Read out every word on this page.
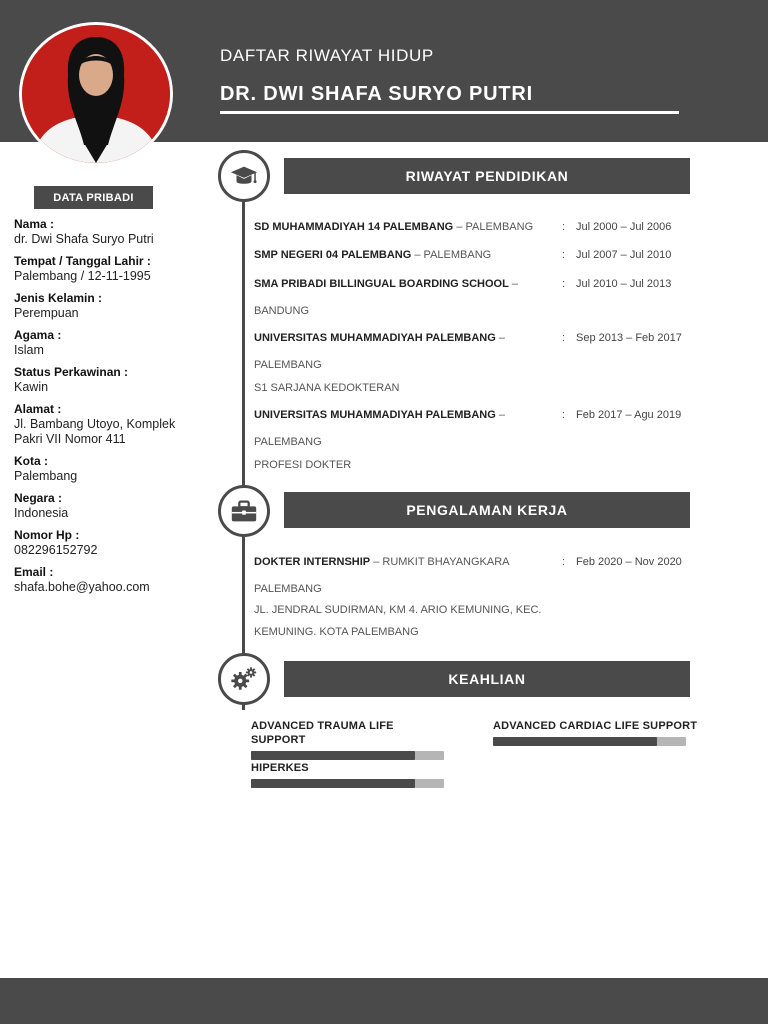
DAFTAR RIWAYAT HIDUP
DR. DWI SHAFA SURYO PUTRI
DATA PRIBADI
Nama :
dr. Dwi Shafa Suryo Putri
Tempat / Tanggal Lahir :
Palembang / 12-11-1995
Jenis Kelamin :
Perempuan
Agama :
Islam
Status Perkawinan :
Kawin
Alamat :
Jl. Bambang Utoyo, Komplek Pakri VII Nomor 411
Kota :
Palembang
Negara :
Indonesia
Nomor Hp :
082296152792
Email :
shafa.bohe@yahoo.com
RIWAYAT PENDIDIKAN
SD MUHAMMADIYAH 14 PALEMBANG – PALEMBANG	: Jul 2000 – Jul 2006
SMP NEGERI 04 PALEMBANG – PALEMBANG	: Jul 2007 – Jul 2010
SMA PRIBADI BILLINGUAL BOARDING SCHOOL –	: Jul 2010 – Jul 2013
BANDUNG
UNIVERSITAS MUHAMMADIYAH PALEMBANG –	: Sep 2013 – Feb 2017
PALEMBANG
S1 SARJANA KEDOKTERAN
UNIVERSITAS MUHAMMADIYAH PALEMBANG –	: Feb 2017 – Agu 2019
PALEMBANG
PROFESI DOKTER
PENGALAMAN KERJA
DOKTER INTERNSHIP – RUMKIT BHAYANGKARA	: Feb 2020 – Nov 2020
PALEMBANG
JL. JENDRAL SUDIRMAN, KM 4. ARIO KEMUNING, KEC. KEMUNING. KOTA PALEMBANG
KEAHLIAN
ADVANCED TRAUMA LIFE SUPPORT
ADVANCED CARDIAC LIFE SUPPORT
HIPERKES
